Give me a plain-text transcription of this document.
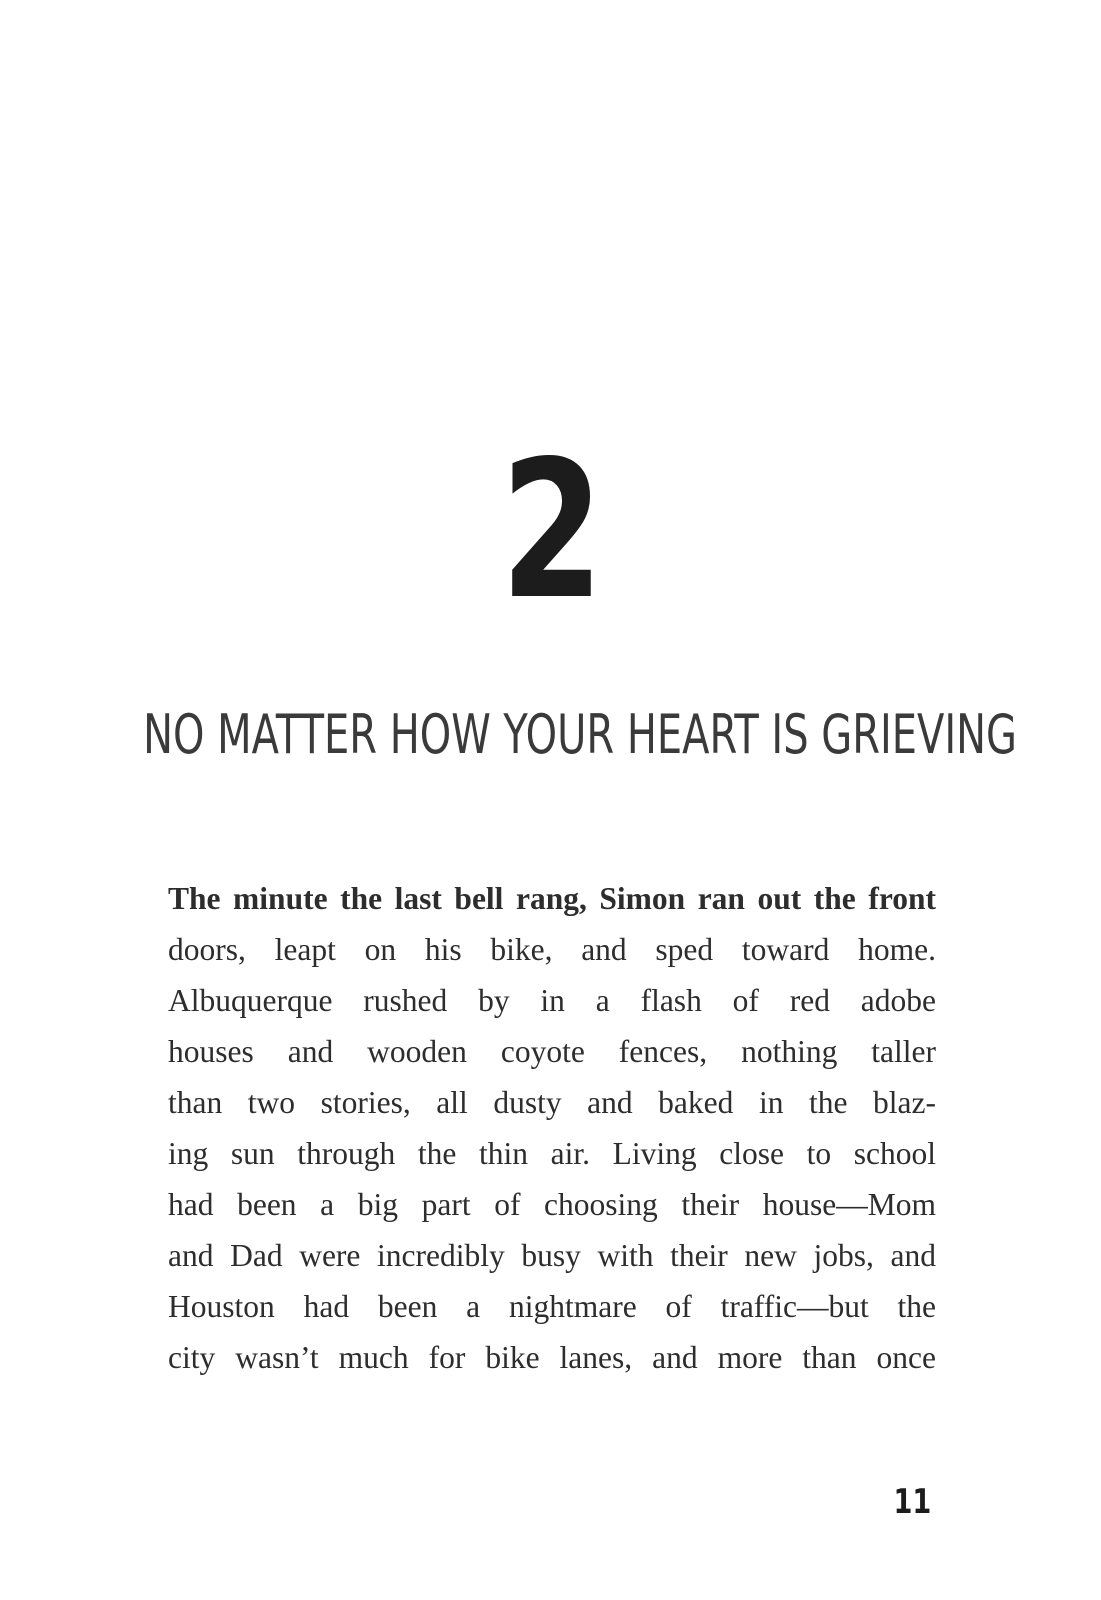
2
NO MATTER HOW YOUR HEART IS GRIEVING
The minute the last bell rang, Simon ran out the front
doors, leapt on his bike, and sped toward home.
Albuquerque rushed by in a flash of red adobe
houses and wooden coyote fences, nothing taller
than two stories, all dusty and baked in the blaz-
ing sun through the thin air. Living close to school
had been a big part of choosing their house—Mom
and Dad were incredibly busy with their new jobs, and
Houston had been a nightmare of traffic—but the
city wasn’t much for bike lanes, and more than once
11
